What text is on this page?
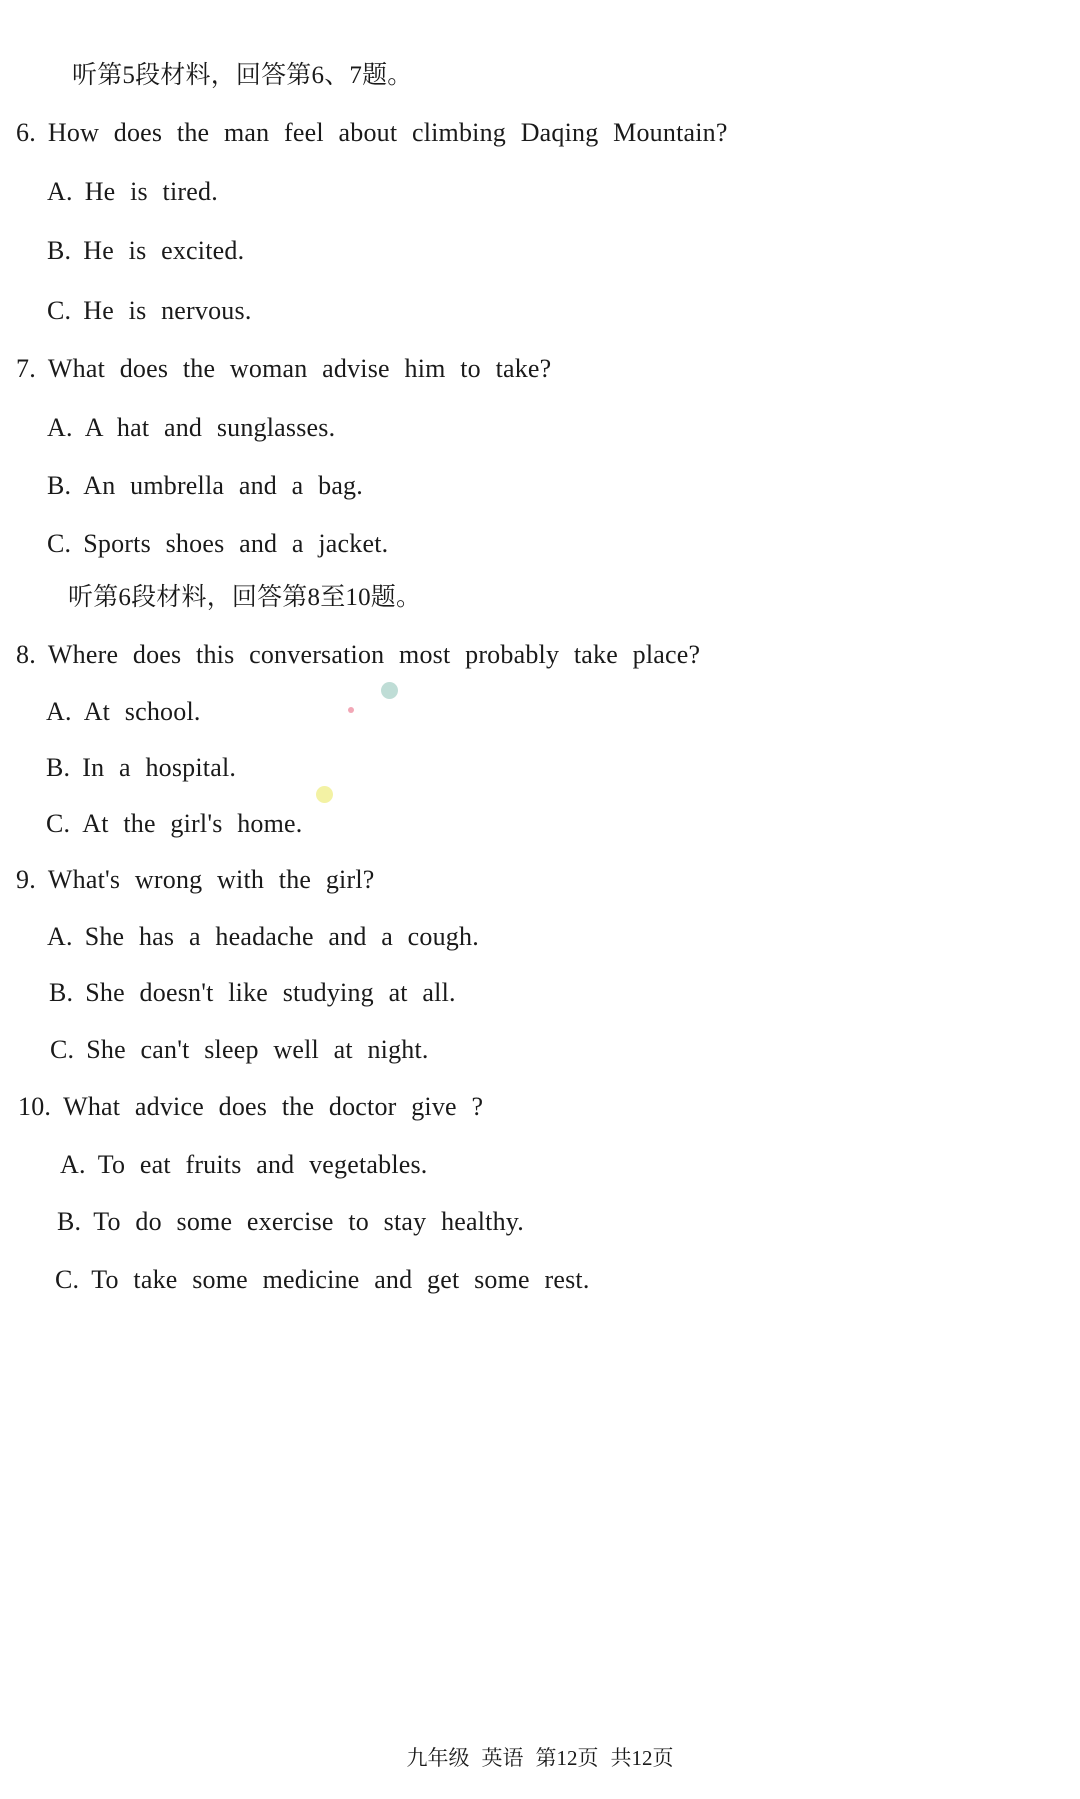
听第5段材料，回答第6、7题。
6. How does the man feel about climbing Daqing Mountain?
A. He is tired.
B. He is excited.
C. He is nervous.
7. What does the woman advise him to take?
A. A hat and sunglasses.
B. An umbrella and a bag.
C. Sports shoes and a jacket.
听第6段材料，回答第8至10题。
8. Where does this conversation most probably take place?
A. At school.
B. In a hospital.
C. At the girl's home.
9. What's wrong with the girl?
A. She has a headache and a cough.
B. She doesn't like studying at all.
C. She can't sleep well at night.
10. What advice does the doctor give ?
A. To eat fruits and vegetables.
B. To do some exercise to stay healthy.
C. To take some medicine and get some rest.
九年级 英语 第12页 共12页
